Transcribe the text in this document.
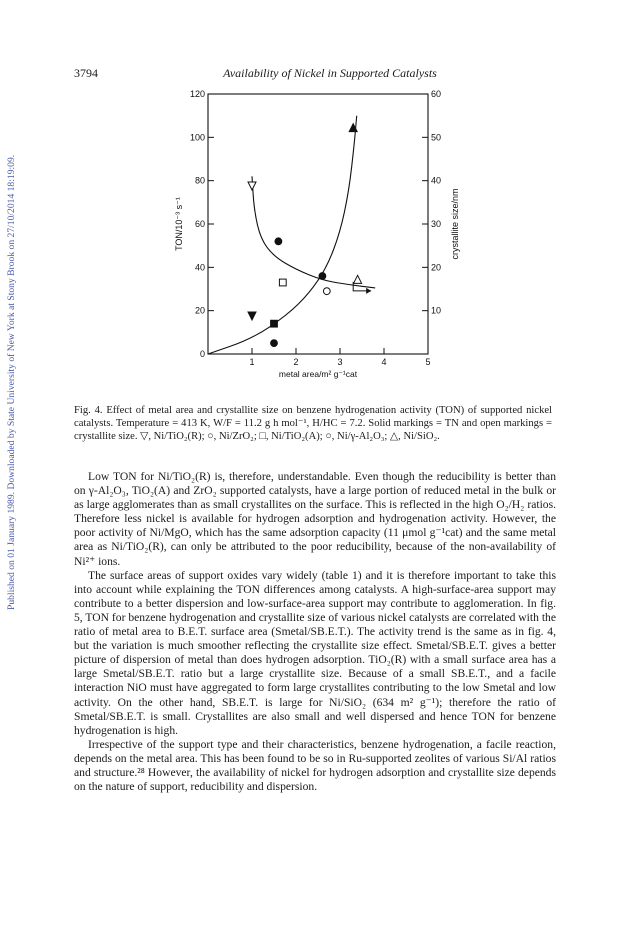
Published on 01 January 1989. Downloaded by State University of New York at Stony Brook on 27/10/2014 18:19:09.
3794	Availability of Nickel in Supported Catalysts
1	2	3	4	5
0
20
40
60
80
100
120
10
20
30
40
50
60
metal area/m² g⁻¹cat
TON/10⁻³ s⁻¹	crystallite size/nm
Fig. 4. Effect of metal area and crystallite size on benzene hydrogenation activity (TON) of supported nickel catalysts. Temperature = 413 K, W/F = 11.2 g h mol⁻¹, H/HC = 7.2. Solid markings = TN and open markings = crystallite size. ▽, Ni/TiO₂(R); ○, Ni/ZrO₂; □, Ni/TiO₂(A); ○, Ni/γ-Al₂O₃; △, Ni/SiO₂.

Low TON for Ni/TiO₂(R) is, therefore, understandable. Even though the reducibility is better than on γ-Al₂O₃, TiO₂(A) and ZrO₂ supported catalysts, have a large portion of reduced metal in the bulk or as large agglomerates than as small crystallites on the surface. This is reflected in the high O₂/H₂ ratios. Therefore less nickel is available for hydrogen adsorption and hydrogenation activity. However, the poor activity of Ni/MgO, which has the same adsorption capacity (11 μmol g⁻¹cat) and the same metal area as Ni/TiO₂(R), can only be attributed to the poor reducibility, because of the non-availability of Ni²⁺ ions.

The surface areas of support oxides vary widely (table 1) and it is therefore important to take this into account while explaining the TON differences among catalysts. A high-surface-area support may contribute to a better dispersion and low-surface-area support may contribute to agglomeration. In fig. 5, TON for benzene hydrogenation and crystallite size of various nickel catalysts are correlated with the ratio of metal area to B.E.T. surface area (Smetal/SB.E.T.). The activity trend is the same as in fig. 4, but the variation is much smoother reflecting the crystallite size effect. Smetal/SB.E.T. gives a better picture of dispersion of metal than does hydrogen adsorption. TiO₂(R) with a small surface area has a large Smetal/SB.E.T. ratio but a large crystallite size. Because of a small SB.E.T., and a facile interaction NiO must have aggregated to form large crystallites contributing to the low Smetal and low activity. On the other hand, SB.E.T. is large for Ni/SiO₂ (634 m² g⁻¹); therefore the ratio of Smetal/SB.E.T. is small. Crystallites are also small and well dispersed and hence TON for benzene hydrogenation is high.

Irrespective of the support type and their characteristics, benzene hydrogenation, a facile reaction, depends on the metal area. This has been found to be so in Ru-supported zeolites of various Si/Al ratios and structure.²⁸ However, the availability of nickel for hydrogen adsorption and crystallite size depends on the nature of support, reducibility and dispersion.
